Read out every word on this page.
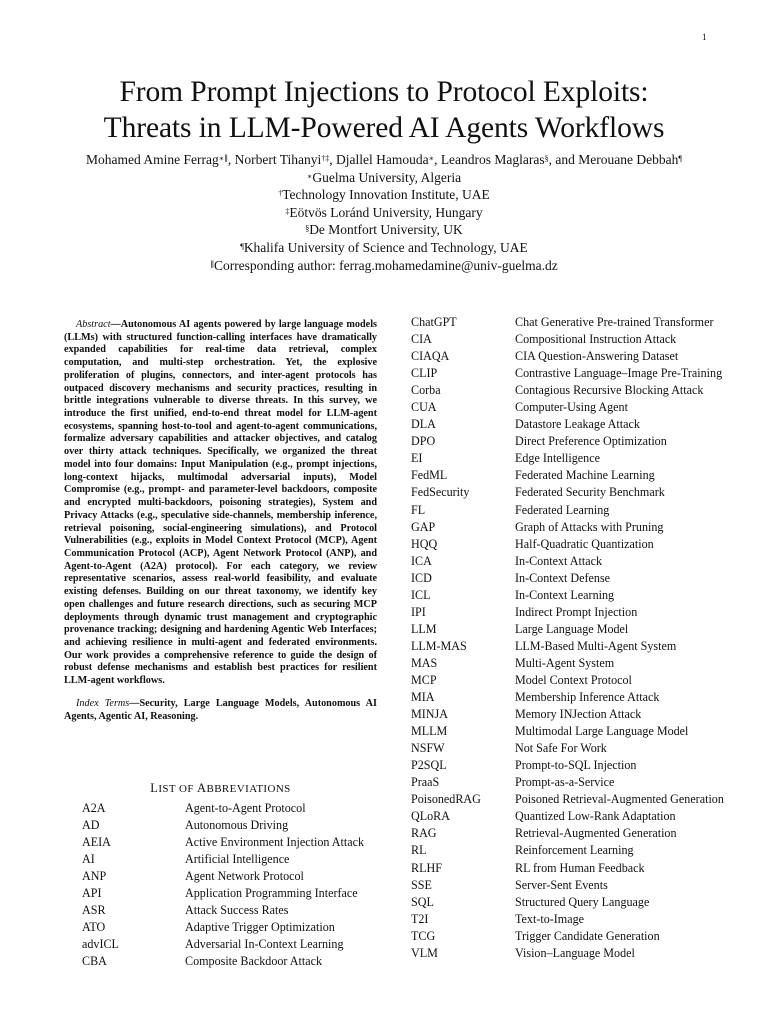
1
From Prompt Injections to Protocol Exploits:
Threats in LLM-Powered AI Agents Workflows
Mohamed Amine Ferrag∗∥, Norbert Tihanyi†‡, Djallel Hamouda∗, Leandros Maglaras§, and Merouane Debbah¶
∗Guelma University, Algeria
†Technology Innovation Institute, UAE
‡Eötvös Loránd University, Hungary
§De Montfort University, UK
¶Khalifa University of Science and Technology, UAE
∥Corresponding author: ferrag.mohamedamine@univ-guelma.dz

Abstract—Autonomous AI agents powered by large language models (LLMs) with structured function-calling interfaces have dramatically expanded capabilities for real-time data retrieval, complex computation, and multi-step orchestration. Yet, the explosive proliferation of plugins, connectors, and inter-agent protocols has outpaced discovery mechanisms and security practices, resulting in brittle integrations vulnerable to diverse threats. In this survey, we introduce the first unified, end-to-end threat model for LLM-agent ecosystems, spanning host-to-tool and agent-to-agent communications, formalize adversary capabilities and attacker objectives, and catalog over thirty attack techniques. Specifically, we organized the threat model into four domains: Input Manipulation (e.g., prompt injections, long-context hijacks, multimodal adversarial inputs), Model Compromise (e.g., prompt- and parameter-level backdoors, composite and encrypted multi-backdoors, poisoning strategies), System and Privacy Attacks (e.g., speculative side-channels, membership inference, retrieval poisoning, social-engineering simulations), and Protocol Vulnerabilities (e.g., exploits in Model Context Protocol (MCP), Agent Communication Protocol (ACP), Agent Network Protocol (ANP), and Agent-to-Agent (A2A) protocol). For each category, we review representative scenarios, assess real-world feasibility, and evaluate existing defenses. Building on our threat taxonomy, we identify key open challenges and future research directions, such as securing MCP deployments through dynamic trust management and cryptographic provenance tracking; designing and hardening Agentic Web Interfaces; and achieving resilience in multi-agent and federated environments. Our work provides a comprehensive reference to guide the design of robust defense mechanisms and establish best practices for resilient LLM-agent workflows.

Index Terms—Security, Large Language Models, Autonomous AI Agents, Agentic AI, Reasoning.

LIST OF ABBREVIATIONS
A2A	Agent-to-Agent Protocol
AD	Autonomous Driving
AEIA	Active Environment Injection Attack
AI	Artificial Intelligence
ANP	Agent Network Protocol
API	Application Programming Interface
ASR	Attack Success Rates
ATO	Adaptive Trigger Optimization
advICL	Adversarial In-Context Learning
CBA	Composite Backdoor Attack
ChatGPT	Chat Generative Pre-trained Transformer
CIA	Compositional Instruction Attack
CIAQA	CIA Question-Answering Dataset
CLIP	Contrastive Language–Image Pre-Training
Corba	Contagious Recursive Blocking Attack
CUA	Computer-Using Agent
DLA	Datastore Leakage Attack
DPO	Direct Preference Optimization
EI	Edge Intelligence
FedML	Federated Machine Learning
FedSecurity	Federated Security Benchmark
FL	Federated Learning
GAP	Graph of Attacks with Pruning
HQQ	Half-Quadratic Quantization
ICA	In-Context Attack
ICD	In-Context Defense
ICL	In-Context Learning
IPI	Indirect Prompt Injection
LLM	Large Language Model
LLM-MAS	LLM-Based Multi-Agent System
MAS	Multi-Agent System
MCP	Model Context Protocol
MIA	Membership Inference Attack
MINJA	Memory INJection Attack
MLLM	Multimodal Large Language Model
NSFW	Not Safe For Work
P2SQL	Prompt-to-SQL Injection
PraaS	Prompt-as-a-Service
PoisonedRAG	Poisoned Retrieval-Augmented Generation
QLoRA	Quantized Low-Rank Adaptation
RAG	Retrieval-Augmented Generation
RL	Reinforcement Learning
RLHF	RL from Human Feedback
SSE	Server-Sent Events
SQL	Structured Query Language
T2I	Text-to-Image
TCG	Trigger Candidate Generation
VLM	Vision–Language Model
